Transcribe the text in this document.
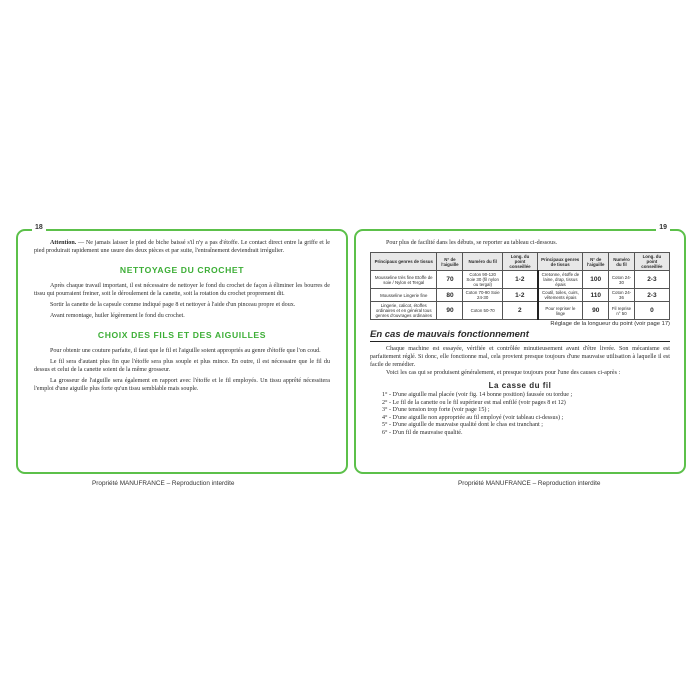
18

Attention. — Ne jamais laisser le pied de biche baissé s'il n'y a pas d'étoffe. Le contact direct entre la griffe et le pied produirait rapidement une usure des deux pièces et par suite, l'entraînement deviendrait irrégulier.

NETTOYAGE DU CROCHET

Après chaque travail important, il est nécessaire de nettoyer le fond du crochet de façon à éliminer les bourres de tissu qui pourraient freiner, soit le déroulement de la canette, soit la rotation du crochet proprement dit.

Sortir la canette de la capsule comme indiqué page 8 et nettoyer à l'aide d'un pinceau propre et doux.

Avant remontage, huiler légèrement le fond du crochet.

CHOIX DES FILS ET DES AIGUILLES

Pour obtenir une couture parfaite, il faut que le fil et l'aiguille soient appropriés au genre d'étoffe que l'on coud.

Le fil sera d'autant plus fin que l'étoffe sera plus souple et plus mince. En outre, il est nécessaire que le fil du dessus et celui de la canette soient de la même grosseur.

La grosseur de l'aiguille sera également en rapport avec l'étoffe et le fil employés. Un tissu apprêté nécessitera l'emploi d'une aiguille plus forte qu'un tissu semblable mais souple.

Propriété MANUFRANCE – Reproduction interdite
19

Pour plus de facilité dans les débuts, se reporter au tableau ci-dessous.

Principaux genres de tissus	N° de l'aiguille	Numéro du fil	Long. du point conseillée	Principaux genres de tissus	N° de l'aiguille	Numéro du fil	Long. du point conseillée
Mousseline très fine Etoffe de soie / Nylon et Tergal	70	Coton 90-120 Soie 30 (fil nylon ou tergal)	1-2	Cretonne, étoffe de laine, drap, tissus épais	100	Coton 24-30	2-3
Mousseline Lingerie fine	80	Coton 70-90 Soie 24-30	1-2	Coutil, toiles, cuirs, vêtements épais	110	Coton 24-36	2-3
Lingerie, calicot, étoffes ordinaires et en général tous genres d'ouvrages ordinaires	90	Coton 50-70	2	Pour repriser le linge	90	Fil reprise n° 50	0
Réglage de la longueur du point (voir page 17)
En cas de mauvais fonctionnement

Chaque machine est essayée, vérifiée et contrôlée minutieusement avant d'être livrée. Son mécanisme est parfaitement réglé. Si donc, elle fonctionne mal, cela provient presque toujours d'une mauvaise utilisation à laquelle il est facile de remédier.

Voici les cas qui se produisent généralement, et presque toujours pour l'une des causes ci-après :

La casse du fil
1° - D'une aiguille mal placée (voir fig. 14 bonne position) faussée ou tordue ;
2° - Le fil de la canette ou le fil supérieur est mal enfilé (voir pages 8 et 12)
3° - D'une tension trop forte (voir page 15) ;
4° - D'une aiguille non appropriée au fil employé (voir tableau ci-dessus) ;
5° - D'une aiguille de mauvaise qualité dont le chas est tranchant ;
6° - D'un fil de mauvaise qualité.
Propriété MANUFRANCE – Reproduction interdite
